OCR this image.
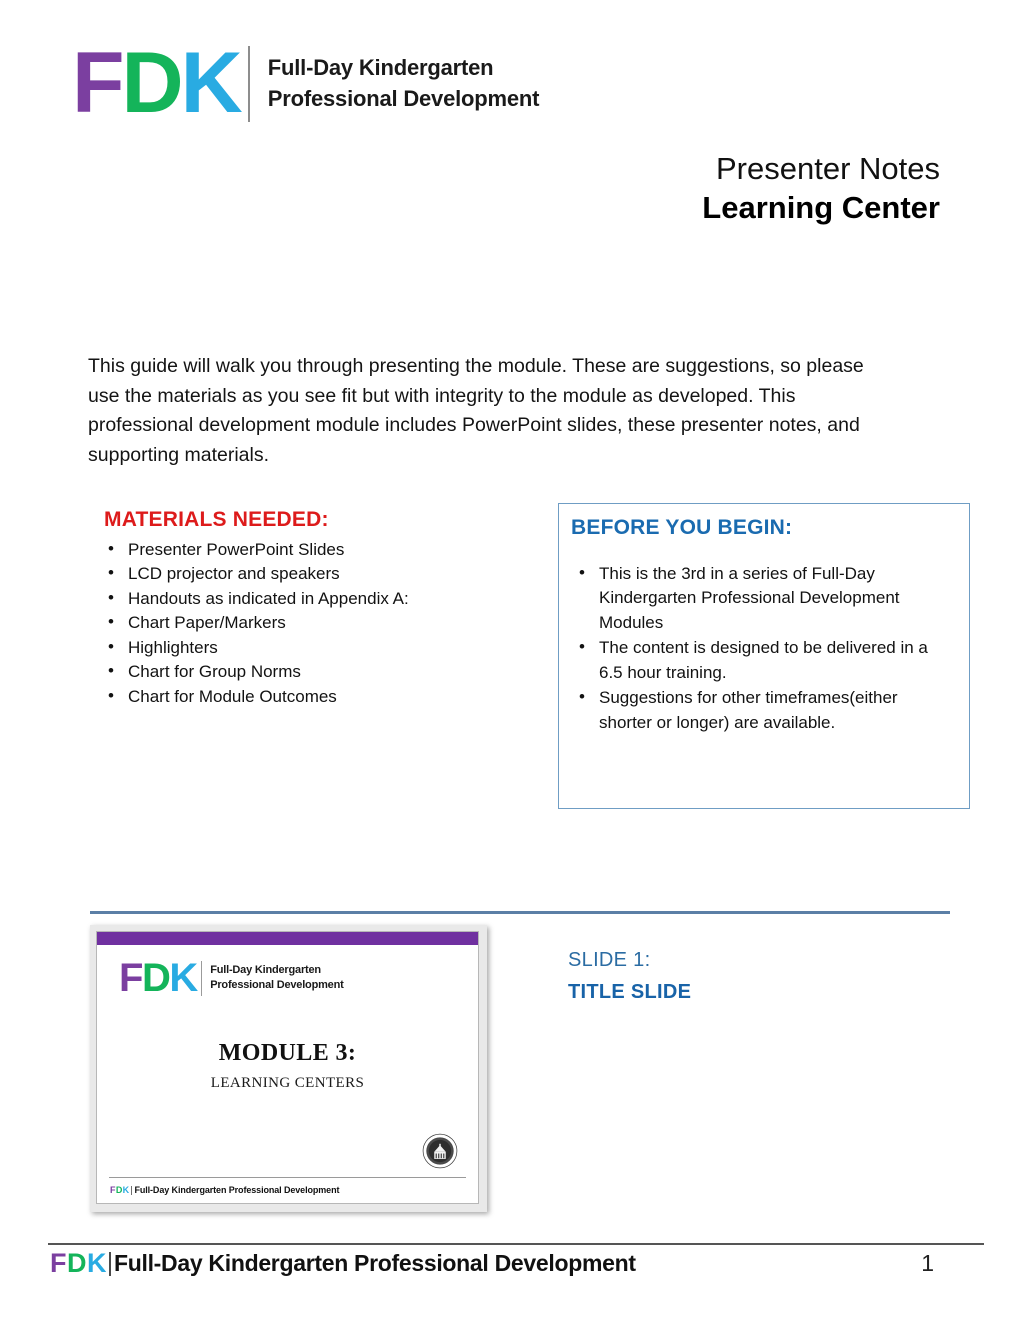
F D K Full-Day Kindergarten
Professional Development
Presenter Notes
Learning Center
This guide will walk you through presenting the module. These are suggestions, so please use the materials as you see fit but with integrity to the module as developed. This professional development module includes PowerPoint slides, these presenter notes, and supporting materials.
MATERIALS NEEDED:
• Presenter PowerPoint Slides
• LCD projector and speakers
• Handouts as indicated in Appendix A:
• Chart Paper/Markers
• Highlighters
• Chart for Group Norms
• Chart for Module Outcomes
BEFORE YOU BEGIN:
• This is the 3rd in a series of Full-Day Kindergarten Professional Development Modules
• The content is designed to be delivered in a 6.5 hour training.
• Suggestions for other timeframes(either shorter or longer) are available.
F D K Full-Day Kindergarten
Professional Development
MODULE 3:
LEARNING CENTERS
FDK Full-Day Kindergarten Professional Development
SLIDE 1:
TITLE SLIDE
FDK Full-Day Kindergarten Professional Development	1
